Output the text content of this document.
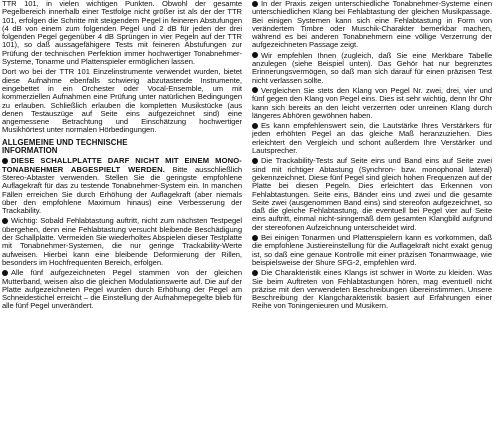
TTR 101, in vielen wichtigen Punkten. Obwohl der gesamte Pegelbereich innerhalb einer Testfolge nicht größer ist als der der TTR 101, erfolgen die Schritte mit steigendem Pegel in feineren Abstufungen (4 dB von einem zum folgenden Pegel und 2 dB für jeden der drei folgenden Pegel gegenüber 4 dB Sprüngen in vier Pegeln auf der TTR 101), so daß aussagefähigere Tests mit feineren Abstufungen zur Prüfung der technischen Perfektion immer hochwertiger Tonabnehmer-Systeme, Tonarme und Plattenspieler ermöglichen lassen.

Dort wo bei der TTR 101 Einzelinstrumente verwendet wurden, bietet diese Aufnahme ebenfalls schwierig abzutastende Instrumente, eingebettet in ein Orchester oder Vocal-Ensemble, um mit kommerziellen Aufnahmen eine Prüfung unter natürlichen Bedingungen zu erlauben. Schließlich erlauben die kompletten Musikstücke (aus denen Testauszüge auf Seite eins aufgezeichnet sind) eine angemessene Betrachtung und Einschätzung hochwertiger Musikhörtest unter normalen Hörbedingungen.

ALLGEMEINE UND TECHNISCHE
INFORMATION

DIESE SCHALLPLATTE DARF NICHT MIT EINEM MONO-TONABNEHMER ABGESPIELT WERDEN. Bitte ausschließlich Stereo-Abtaster verwenden. Stellen Sie die geringste empfohlene Auflagekraft für das zu testende Tonabnehmer-System ein. In manchen Fällen erreichen Sie durch Erhöhung der Auflagekraft (aber niemals über den empfohlene Maximum hinaus) eine Verbesserung der Trackability.

Wichtig: Sobald Fehlabtastung auftritt, nicht zum nächsten Testpegel übergehen, denn eine Fehlabtastung versucht bleibende Beschädigung der Schallplatte. Vermeiden Sie wiederholtes Abspielen dieser Testplatte mit Tonabnehmer-Systemen, die nur geringe Trackability-Werte aufweisen. Hierbei kann eine bleibende Deformierung der Rillen, besonders im Hochfrequenten Bereich, erfolgen.

Alle fünf aufgezeichneten Pegel stammen von der gleichen Mutterband, weisen also die gleichen Modulationswerte auf. Die auf der Platte aufgezeichneten Pegel wurden durch Erhöhung der Pegel am Schneidestichel erreicht – die Einstellung der Aufnahmepegelte blieb für alle fünf Pegel unverändert.

In der Praxis zeigen unterschiedliche Tonabnehmer-Systeme einen unterschiedlichen Klang bei Fehlabtastung der gleichen Musikpassage. Bei einigen Systemen kann sich eine Fehlabtastung in Form von verändertem Timbre oder Muschik-Charakter bemerkbar machen, während es bei anderen Tonabnehmern eine völlige Verzerrung der aufgezeichneten Passage zeigt.

Wir empfehlen Ihnen (zugleich, daß Sie eine Merkbare Tabelle anzulegen (siehe Beispiel unten). Das Gehör hat nur begrenztes Erinnerungsvermögen, so daß man sich darauf für einen präzisen Test nicht verlassen sollte.

Vergleichen Sie stets den Klang von Pegel Nr. zwei, drei, vier und fünf gegen den Klang von Pegel eins. Dies ist sehr wichtig, denn Ihr Ohr kann sich bereits an den leicht verzerrten oder unreinen Klang durch längeres Abhören gewöhnen haben.

Es kann empfehlenswert sein, die Lautstärke Ihres Verstärkers für jeden erhöhten Pegel an das gleiche Maß heranzuziehen. Dies erleichtert den Vergleich und schont außerdem Ihre Verstärker und Lautsprecher.

Die Trackability-Tests auf Seite eins und Band eins auf Seite zwei sind mit richtiger Abtastung (Synchron- bzw. monophonal lateral) gekennzeichnet. Diese fünf Pegel sind gleich hohen Frequenzen auf der Platte bei diesen Pegeln. Dies erleichtert das Erkennen von Fehlabtastungen. Seite eins, Bänder eins und zwei und die gesamte Seite zwei (ausgenommen Band eins) sind stereofon aufgezeichnet, so daß die gleiche Fehlabtastung, die eventuell bei Pegel vier auf Seite eins auftritt, einmal nicht-sinngemäß dem gesamten Klangbild aufgrund der stereofonen Aufzeichnung unterscheidet wird.

Bei einigen Tonarmen und Plattenspielern kann es vorkommen, daß die empfohlene Justiereinstellung für die Auflagekraft nicht exakt genug ist, so daß eine genaue Kontrolle mit einer präzisen Tonarmwaage, wie beispielsweise der Shure SFG-2, empfehlen wird.

Die Charakteristik eines Klangs ist schwer in Worte zu kleiden. Was Sie beim Auftreten von Fehlabtastungen hören, mag eventuell nicht präzise mit den verwendeten Beschreibungen übereinstimmen. Unsere Beschreibung der Klangcharakteristik basiert auf Erfahrungen einer Reihe von Toningenieuren und Musikern.
